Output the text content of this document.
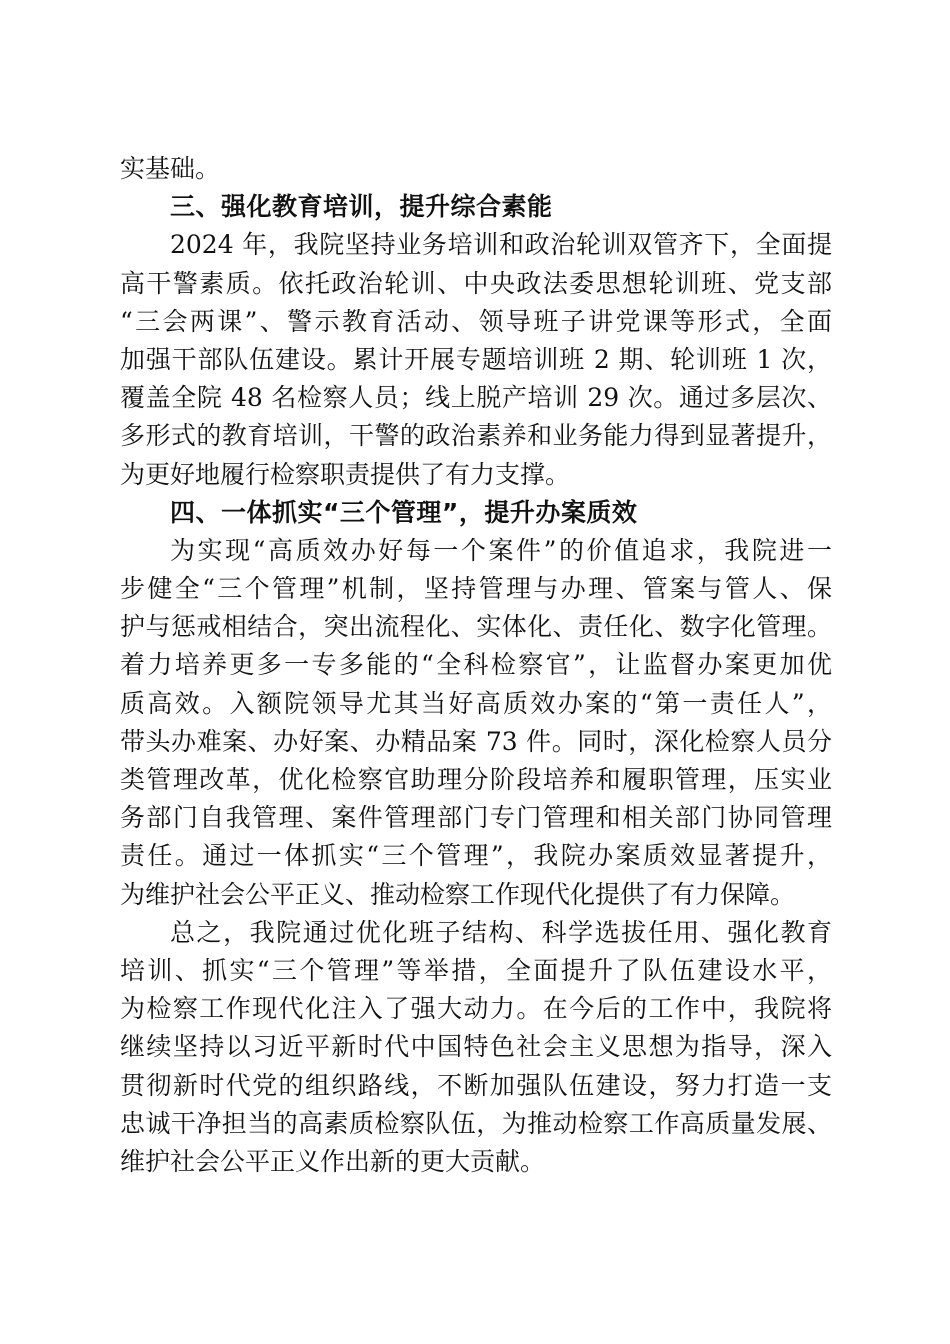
实基础。
三、强化教育培训，提升综合素能
2024 年，我院坚持业务培训和政治轮训双管齐下，全面提
高干警素质。依托政治轮训、中央政法委思想轮训班、党支部
“三会两课”、警示教育活动、领导班子讲党课等形式，全面
加强干部队伍建设。累计开展专题培训班 2 期、轮训班 1 次，
覆盖全院 48 名检察人员；线上脱产培训 29 次。通过多层次、
多形式的教育培训，干警的政治素养和业务能力得到显著提升，
为更好地履行检察职责提供了有力支撑。
四、一体抓实“三个管理”，提升办案质效
为实现“高质效办好每一个案件”的价值追求，我院进一
步健全“三个管理”机制，坚持管理与办理、管案与管人、保
护与惩戒相结合，突出流程化、实体化、责任化、数字化管理。
着力培养更多一专多能的“全科检察官”，让监督办案更加优
质高效。入额院领导尤其当好高质效办案的“第一责任人”，
带头办难案、办好案、办精品案 73 件。同时，深化检察人员分
类管理改革，优化检察官助理分阶段培养和履职管理，压实业
务部门自我管理、案件管理部门专门管理和相关部门协同管理
责任。通过一体抓实“三个管理”，我院办案质效显著提升，
为维护社会公平正义、推动检察工作现代化提供了有力保障。
总之，我院通过优化班子结构、科学选拔任用、强化教育
培训、抓实“三个管理”等举措，全面提升了队伍建设水平，
为检察工作现代化注入了强大动力。在今后的工作中，我院将
继续坚持以习近平新时代中国特色社会主义思想为指导，深入
贯彻新时代党的组织路线，不断加强队伍建设，努力打造一支
忠诚干净担当的高素质检察队伍，为推动检察工作高质量发展、
维护社会公平正义作出新的更大贡献。
